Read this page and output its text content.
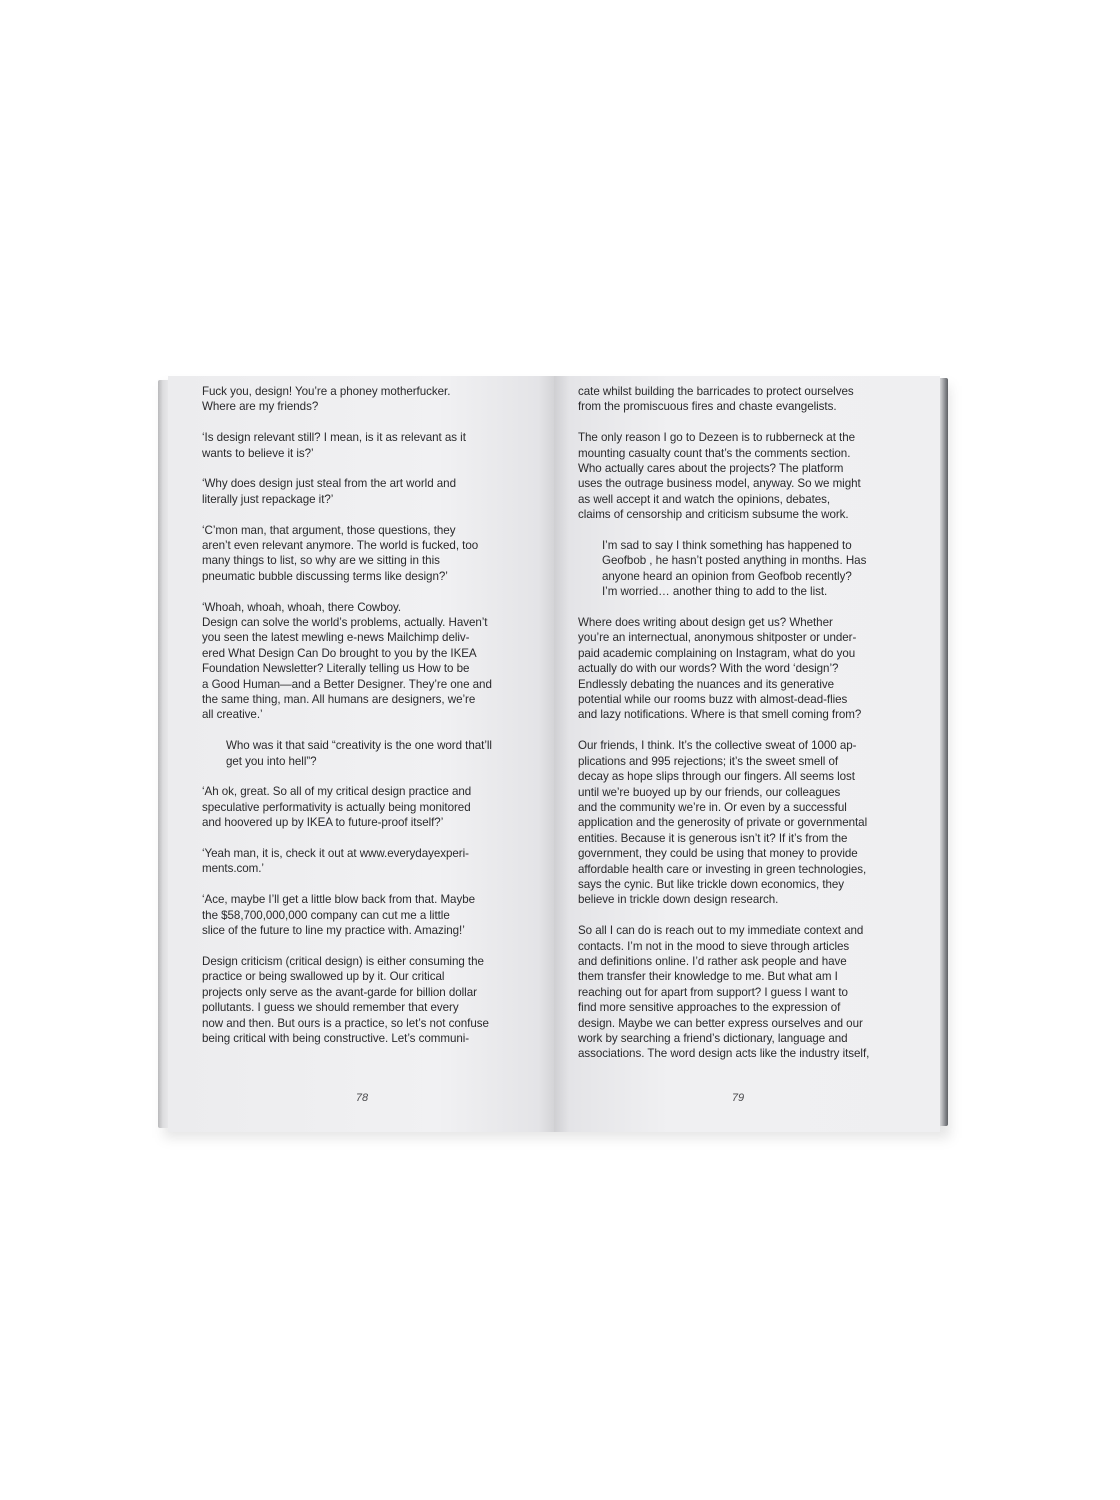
Fuck you, design! You’re a phoney motherfucker.
Where are my friends?
‘Is design relevant still? I mean, is it as relevant as it
wants to believe it is?’
‘Why does design just steal from the art world and
literally just repackage it?’
‘C’mon man, that argument, those questions, they
aren’t even relevant anymore. The world is fucked, too
many things to list, so why are we sitting in this
pneumatic bubble discussing terms like design?’
‘Whoah, whoah, whoah, there Cowboy.
Design can solve the world’s problems, actually. Haven’t
you seen the latest mewling e-news Mailchimp deliv-
ered What Design Can Do brought to you by the IKEA
Foundation Newsletter? Literally telling us How to be
a Good Human—and a Better Designer. They’re one and
the same thing, man. All humans are designers, we’re
all creative.’
Who was it that said “creativity is the one word that’ll
get you into hell”?
‘Ah ok, great. So all of my critical design practice and
speculative performativity is actually being monitored
and hoovered up by IKEA to future-proof itself?’
‘Yeah man, it is, check it out at www.everydayexperi-
ments.com.’
‘Ace, maybe I’ll get a little blow back from that. Maybe
the $58,700,000,000 company can cut me a little
slice of the future to line my practice with. Amazing!’
Design criticism (critical design) is either consuming the
practice or being swallowed up by it. Our critical
projects only serve as the avant-garde for billion dollar
pollutants. I guess we should remember that every
now and then. But ours is a practice, so let’s not confuse
being critical with being constructive. Let’s communi-
78
cate whilst building the barricades to protect ourselves
from the promiscuous fires and chaste evangelists.
The only reason I go to Dezeen is to rubberneck at the
mounting casualty count that’s the comments section.
Who actually cares about the projects? The platform
uses the outrage business model, anyway. So we might
as well accept it and watch the opinions, debates,
claims of censorship and criticism subsume the work.
I’m sad to say I think something has happened to
Geofbob , he hasn’t posted anything in months. Has
anyone heard an opinion from Geofbob recently?
I’m worried… another thing to add to the list.
Where does writing about design get us? Whether
you’re an internectual, anonymous shitposter or under-
paid academic complaining on Instagram, what do you
actually do with our words? With the word ‘design’?
Endlessly debating the nuances and its generative
potential while our rooms buzz with almost-dead-flies
and lazy notifications. Where is that smell coming from?
Our friends, I think. It’s the collective sweat of 1000 ap-
plications and 995 rejections; it’s the sweet smell of
decay as hope slips through our fingers. All seems lost
until we’re buoyed up by our friends, our colleagues
and the community we’re in. Or even by a successful
application and the generosity of private or governmental
entities. Because it is generous isn’t it? If it’s from the
government, they could be using that money to provide
affordable health care or investing in green technologies,
says the cynic. But like trickle down economics, they
believe in trickle down design research.
So all I can do is reach out to my immediate context and
contacts. I’m not in the mood to sieve through articles
and definitions online. I’d rather ask people and have
them transfer their knowledge to me. But what am I
reaching out for apart from support? I guess I want to
find more sensitive approaches to the expression of
design. Maybe we can better express ourselves and our
work by searching a friend’s dictionary, language and
associations. The word design acts like the industry itself,
79
